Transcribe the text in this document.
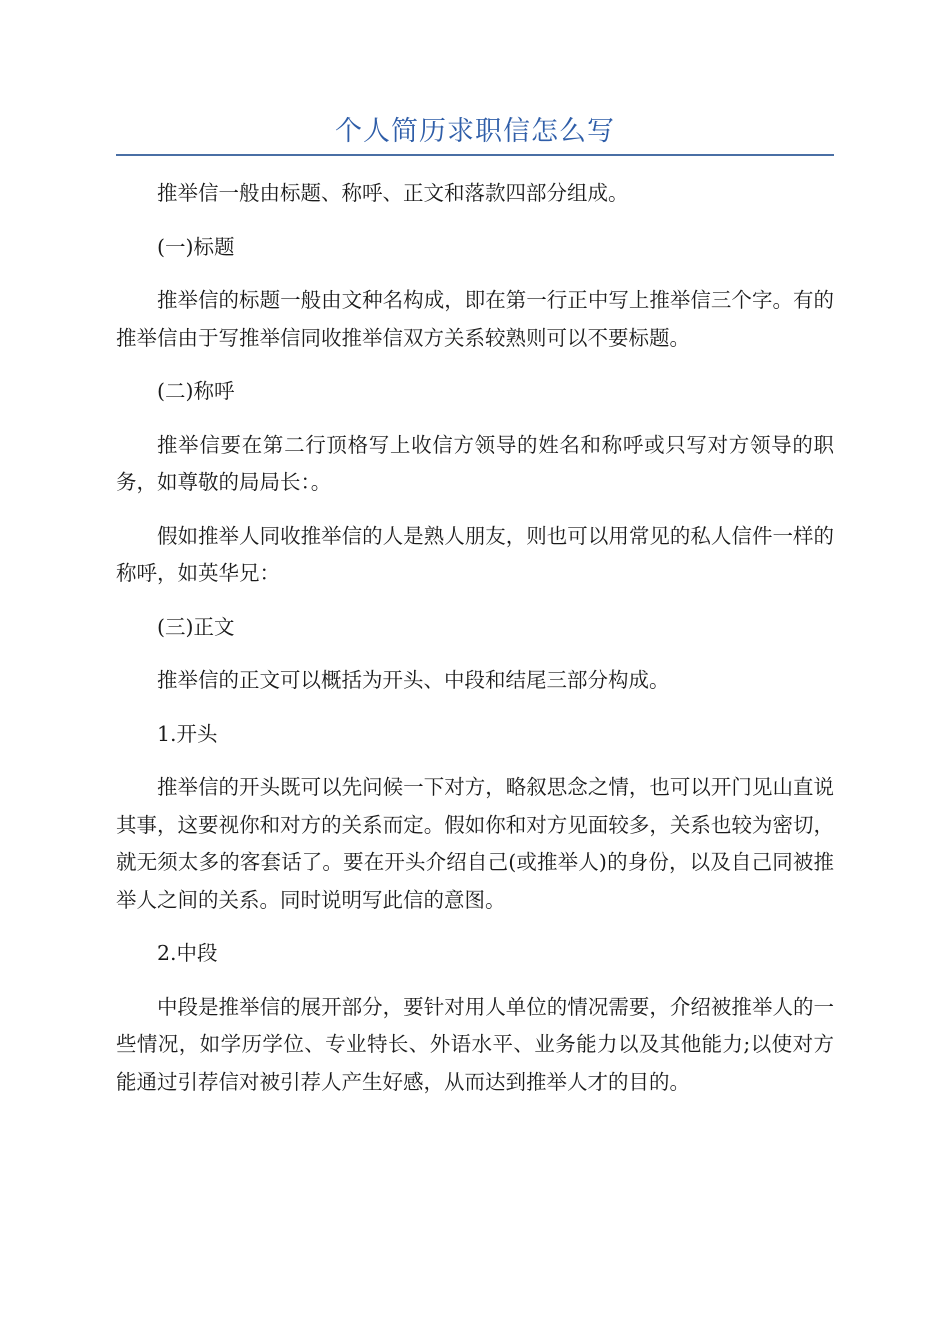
个人简历求职信怎么写

推举信一般由标题、称呼、正文和落款四部分组成。

(一)标题

推举信的标题一般由文种名构成，即在第一行正中写上推举信三个字。有的推举信由于写推举信同收推举信双方关系较熟则可以不要标题。

(二)称呼

推举信要在第二行顶格写上收信方领导的姓名和称呼或只写对方领导的职务，如尊敬的局局长：。

假如推举人同收推举信的人是熟人朋友，则也可以用常见的私人信件一样的称呼，如英华兄：

(三)正文

推举信的正文可以概括为开头、中段和结尾三部分构成。

1.开头

推举信的开头既可以先问候一下对方，略叙思念之情，也可以开门见山直说其事，这要视你和对方的关系而定。假如你和对方见面较多，关系也较为密切，就无须太多的客套话了。要在开头介绍自己(或推举人)的身份，以及自己同被推举人之间的关系。同时说明写此信的意图。

2.中段

中段是推举信的展开部分，要针对用人单位的情况需要，介绍被推举人的一些情况，如学历学位、专业特长、外语水平、业务能力以及其他能力;以使对方能通过引荐信对被引荐人产生好感，从而达到推举人才的目的。
